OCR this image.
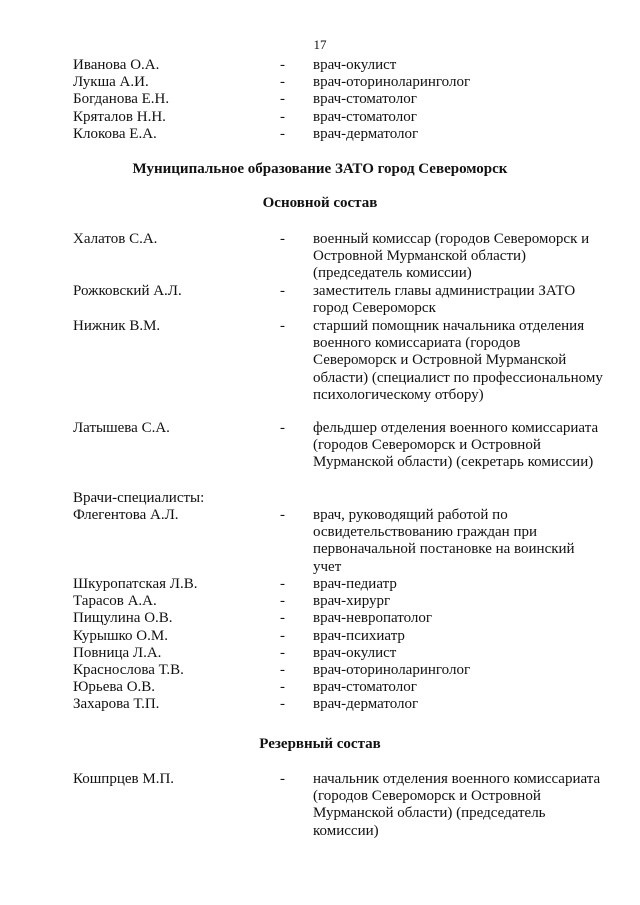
17
Иванова О.А.	- врач-окулист
Лукша А.И.	- врач-оториноларинголог
Богданова Е.Н.	- врач-стоматолог
Кряталов Н.Н.	- врач-стоматолог
Клокова Е.А.	- врач-дерматолог
Муниципальное образование ЗАТО город Североморск
Основной состав
Халатов С.А.	- военный комиссар (городов Североморск и Островной Мурманской области) (председатель комиссии)
Рожковский А.Л.	- заместитель главы администрации ЗАТО город Североморск
Нижник В.М.	- старший помощник начальника отделения военного комиссариата (городов Североморск и Островной Мурманской области) (специалист по профессиональному психологическому отбору)
Латышева С.А.	- фельдшер отделения военного комиссариата (городов Североморск и Островной Мурманской области) (секретарь комиссии)
Врачи-специалисты:
Флегентова А.Л.	- врач, руководящий работой по освидетельствованию граждан при первоначальной постановке на воинский учет
Шкуропатская Л.В.	- врач-педиатр
Тарасов А.А.	- врач-хирург
Пищулина О.В.	- врач-невропатолог
Курышко О.М.	- врач-психиатр
Повница Л.А.	- врач-окулист
Краснослова Т.В.	- врач-оториноларинголог
Юрьева О.В.	- врач-стоматолог
Захарова Т.П.	- врач-дерматолог
Резервный состав
Кошпрцев М.П.	- начальник отделения военного комиссариата (городов Североморск и Островной Мурманской области) (председатель комиссии)
